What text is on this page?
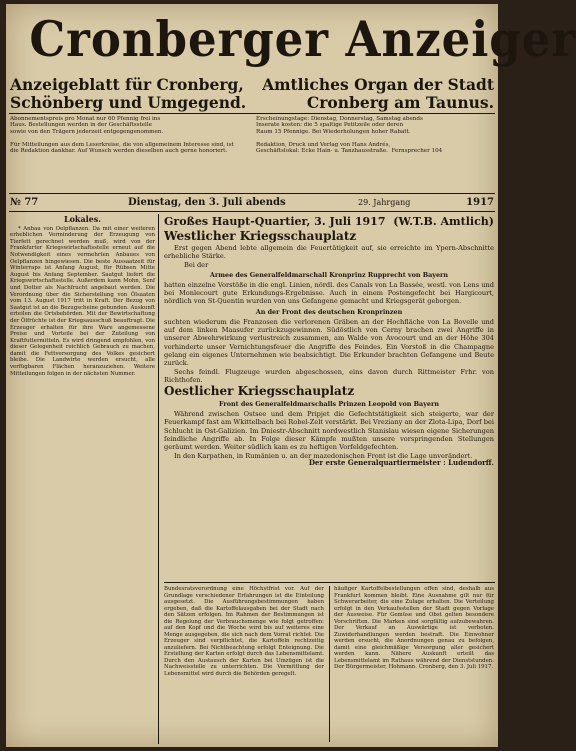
Cronberger Anzeiger
Anzeigeblatt für Cronberg,
Schönberg und Umgegend.
Amtliches Organ der Stadt
Cronberg am Taunus.
Abonnementspreis pro Monat nur 60 Pfennig frei ins
Haus. Bestellungen werden in der Geschäftsstelle
sowie von den Trägern jederzeit entgegengenommen.

Für Mitteilungen aus dem Leserkreise, die von allgemeinem Interesse sind, ist
die Redaktion dankbar. Auf Wunsch werden dieselben auch gerne honoriert.
Erscheinungstage: Dienstag, Donnerstag, Samstag abends
Inserate kosten: die 5 spaltige Petitzeile oder deren
Raum 15 Pfennige. Bei Wiederholungen hoher Rabatt.

Redaktion, Druck und Verlag von Hans Andrés,
Geschäftslokal: Ecke Hain- u. Tanzhausstraße.  Fernsprecher 104
№ 77	Dienstag, den 3. Juli abends	29. Jahrgang	1917
Lokales.

* Anbau von Oelpflanzen. Da mit einer weiteren erheblichen Verminderung der Erzeugung von Tierfett gerechnet werden muß, wird von der Frankfurter Kriegswirtschaftsstelle erneut auf die Notwendigkeit eines vermehrten Anbaues von Oelpflanzen hingewiesen. Die beste Aussaatzeit für Winterraps ist Anfang August, für Rübsen Mitte August bis Anfang September. Saatgut liefert die Kriegswirtschaftsstelle. Außerdem kann Mohn, Senf und Dotter als Nachfrucht angebaut werden. Die Verordnung über die Sicherstellung von Ölsaaten vom 13. August 1917 tritt in Kraft. Der Bezug von Saatgut ist an die Bezugscheine gebunden. Auskunft erteilen die Ortsbehörden. Mit der Bewirtschaftung der Ölfrüchte ist der Kriegsausschuß beauftragt. Die Erzeuger erhalten für ihre Ware angemessene Preise und Vorteile bei der Zuteilung von Kraftfuttermitteln. Es wird dringend empfohlen, von dieser Gelegenheit reichlich Gebrauch zu machen, damit die Fettversorgung des Volkes gesichert bleibe. Die Landwirte werden ersucht, alle verfügbaren Flächen heranzuziehen. Weitere Mitteilungen folgen in der nächsten Nummer.

Großes Haupt-Quartier, 3. Juli 1917 (W.T.B. Amtlich)
Westlicher Kriegsschauplatz

Erst gegen Abend lebte allgemein die Feuertätigkeit auf, sie erreichte im Ypern-Abschnitte erhebliche Stärke.

Bei der

Armee des Generalfeldmarschall Kronprinz Rupprecht von Bayern

hatten einzelne Vorstöße in die engl. Linien, nördl. des Canals von La Bassée, westl. von Lens und bei Monlecourt gute Erkundungs-Ergebnisse. Auch in einem Postengefecht bei Hargicourt, nördlich von St-Quentin wurden von uns Gefangene gemacht und Kriegsgerät geborgen.

An der Front des deutschen Kronprinzen

suchten wiederum die Franzosen die verlorenen Gräben an der Hochfläche von La Bovelle und auf dem linken Maasufer zurückzugewinnen. Südöstlich von Cerny brachen zwei Angriffe in unserer Abwehrwirkung verlustreich zusammen, am Walde von Avocourt und an der Höhe 304 verhinderte unser Vernichtungsfeuer die Angriffe des Feindes. Ein Vorstoß in die Champagne gelang ein eigenes Unternehmen wie beabsichtigt. Die Erkunder brachten Gefangene und Beute zurück.

Sechs feindl. Flugzeuge wurden abgeschossen, eins davon durch Rittmeister Frhr. von Richthofen.

Oestlicher Kriegsschauplatz
Front des Generalfeldmarschalls Prinzen Leopold von Bayern

Während zwischen Ostsee und dem Pripjet die Gefechtstätigkeit sich steigerte, war der Feuerkampf fast am Wkittelbach bei Robel-Zelt verstärkt. Bei Vreziany an der Zlota-Lipa, Dorf bei Schlucht in Ost-Galizien. Im Dniestr-Abschnitt nordwestlich Stanislau wiesen eigene Sicherungen feindliche Angriffe ab. In Folge dieser Kämpfe mußten unsere vorspringenden Stellungen geräumt werden. Weiter südlich kam es zu heftigen Vorfeldgefechten.

In den Karpathen, in Rumänien u. an der mazedonischen Front ist die Lage unverändert.

Der erste Generalquartiermeister : Ludendorff.

Bundesratsverordnung eine Höchstfrist vor. Auf der Grundlage verschiedener Erfahrungen ist die Einteilung ausgesetzt. Die Ausführungsbestimmungen haben ergeben, daß die Kartoffelausgaben bei der Stadt nach den Sätzen erfolgen. Im Rahmen der Bestimmungen ist die Regelung der Verbrauchsmenge wie folgt getroffen: auf den Kopf und die Woche wird bis auf weiteres eine Menge ausgegeben, die sich nach dem Vorrat richtet. Die Erzeuger sind verpflichtet, die Kartoffeln rechtzeitig anzuliefern. Bei Nichtbeachtung erfolgt Enteignung. Die Erstellung der Karten erfolgt durch das Lebensmittelamt. Durch den Austausch der Karten bei Umzügen ist die Nachweisstelle zu unterrichten. Die Vermittlung der Lebensmittel wird durch die Behörden geregelt.
häufiger Kartoffelbestellungen offen sind, deshalb aus Frankfurt kommen bleibt. Eine Ausnahme gilt nur für Schwerarbeiter, die eine Zulage erhalten. Die Verteilung erfolgt in den Verkaufsstellen der Stadt gegen Vorlage der Ausweise. Für Gemüse und Obst gelten besondere Vorschriften. Die Marken sind sorgfältig aufzubewahren. Der Verkauf an Auswärtige ist verboten. Zuwiderhandlungen werden bestraft. Die Einwohner werden ersucht, die Anordnungen genau zu befolgen, damit eine gleichmäßige Versorgung aller gesichert werden kann. Nähere Auskunft erteilt das Lebensmittelamt im Rathaus während der Dienststunden. Der Bürgermeister, Hohmann. Cronberg, den 3. Juli 1917.
